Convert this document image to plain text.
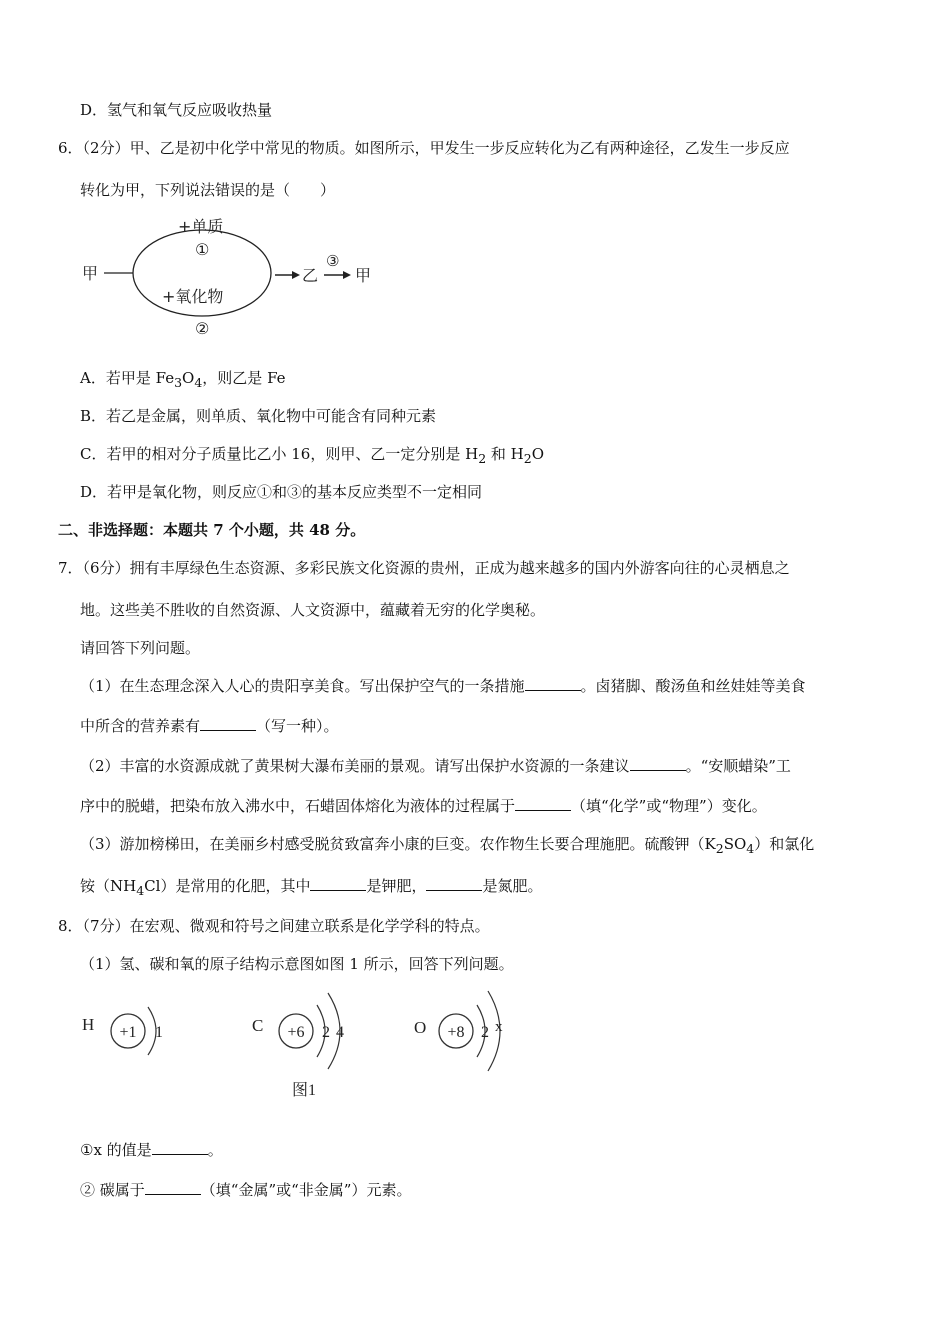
D．氢气和氧气反应吸收热量
6．（2分）甲、乙是初中化学中常见的物质。如图所示，甲发生一步反应转化为乙有两种途径，乙发生一步反应
转化为甲，下列说法错误的是（　　）
甲
+单质
①
+氧化物
②
乙
③
甲
A．若甲是 $Fe_3O_4$，则乙是 Fe
B．若乙是金属，则单质、氧化物中可能含有同种元素
C．若甲的相对分子质量比乙小 16，则甲、乙一定分别是 $H_2$ 和 $H_2O$
D．若甲是氧化物，则反应①和③的基本反应类型不一定相同
二、非选择题：本题共 7 个小题，共 48 分。
7．（6分）拥有丰厚绿色生态资源、多彩民族文化资源的贵州，正成为越来越多的国内外游客向往的心灵栖息之
地。这些美不胜收的自然资源、人文资源中，蕴藏着无穷的化学奥秘。
请回答下列问题。
（1）在生态理念深入人心的贵阳享美食。写出保护空气的一条措施	。卤猪脚、酸汤鱼和丝娃娃等美食
中所含的营养素有	（写一种）。
（2）丰富的水资源成就了黄果树大瀑布美丽的景观。请写出保护水资源的一条建议	。“安顺蜡染”工
序中的脱蜡，把染布放入沸水中，石蜡固体熔化为液体的过程属于	（填“化学”或“物理”）变化。
（3）游加榜梯田，在美丽乡村感受脱贫致富奔小康的巨变。农作物生长要合理施肥。硫酸钾$(K_2SO_4)$和氯化
铵$(NH_4Cl)$是常用的化肥，其中	是钾肥，	是氮肥。
8．（7分）在宏观、微观和符号之间建立联系是化学学科的特点。
（1）氢、碳和氧的原子结构示意图如图 1 所示，回答下列问题。
H +1 1	C +6 2 4	O +8 2 x
图1
①x 的值是	。
② 碳属于	（填“金属”或“非金属”）元素。
